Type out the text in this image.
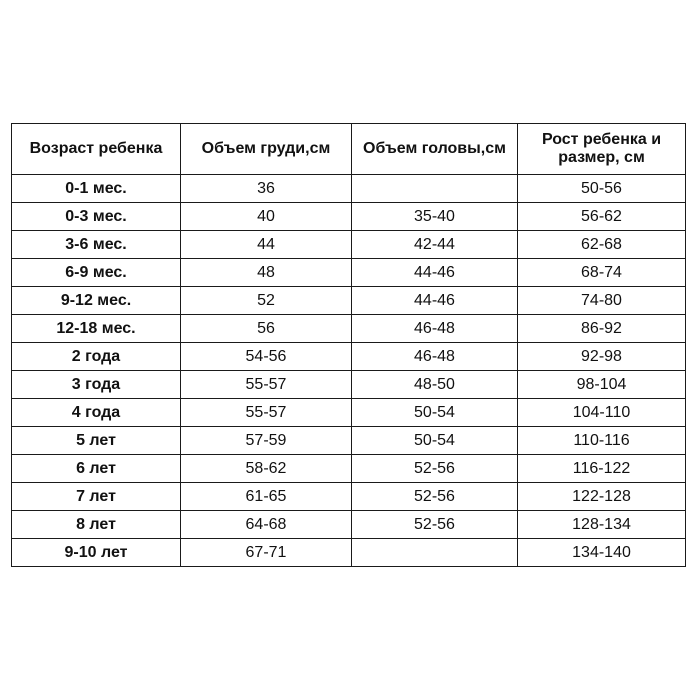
Возраст ребенка	Объем груди,см	Объем головы,см	Рост ребенка и размер, см
0-1 мес.	36		50-56
0-3 мес.	40	35-40	56-62
3-6 мес.	44	42-44	62-68
6-9 мес.	48	44-46	68-74
9-12 мес.	52	44-46	74-80
12-18 мес.	56	46-48	86-92
2 года	54-56	46-48	92-98
3 года	55-57	48-50	98-104
4 года	55-57	50-54	104-110
5 лет	57-59	50-54	110-116
6 лет	58-62	52-56	116-122
7 лет	61-65	52-56	122-128
8 лет	64-68	52-56	128-134
9-10 лет	67-71		134-140
